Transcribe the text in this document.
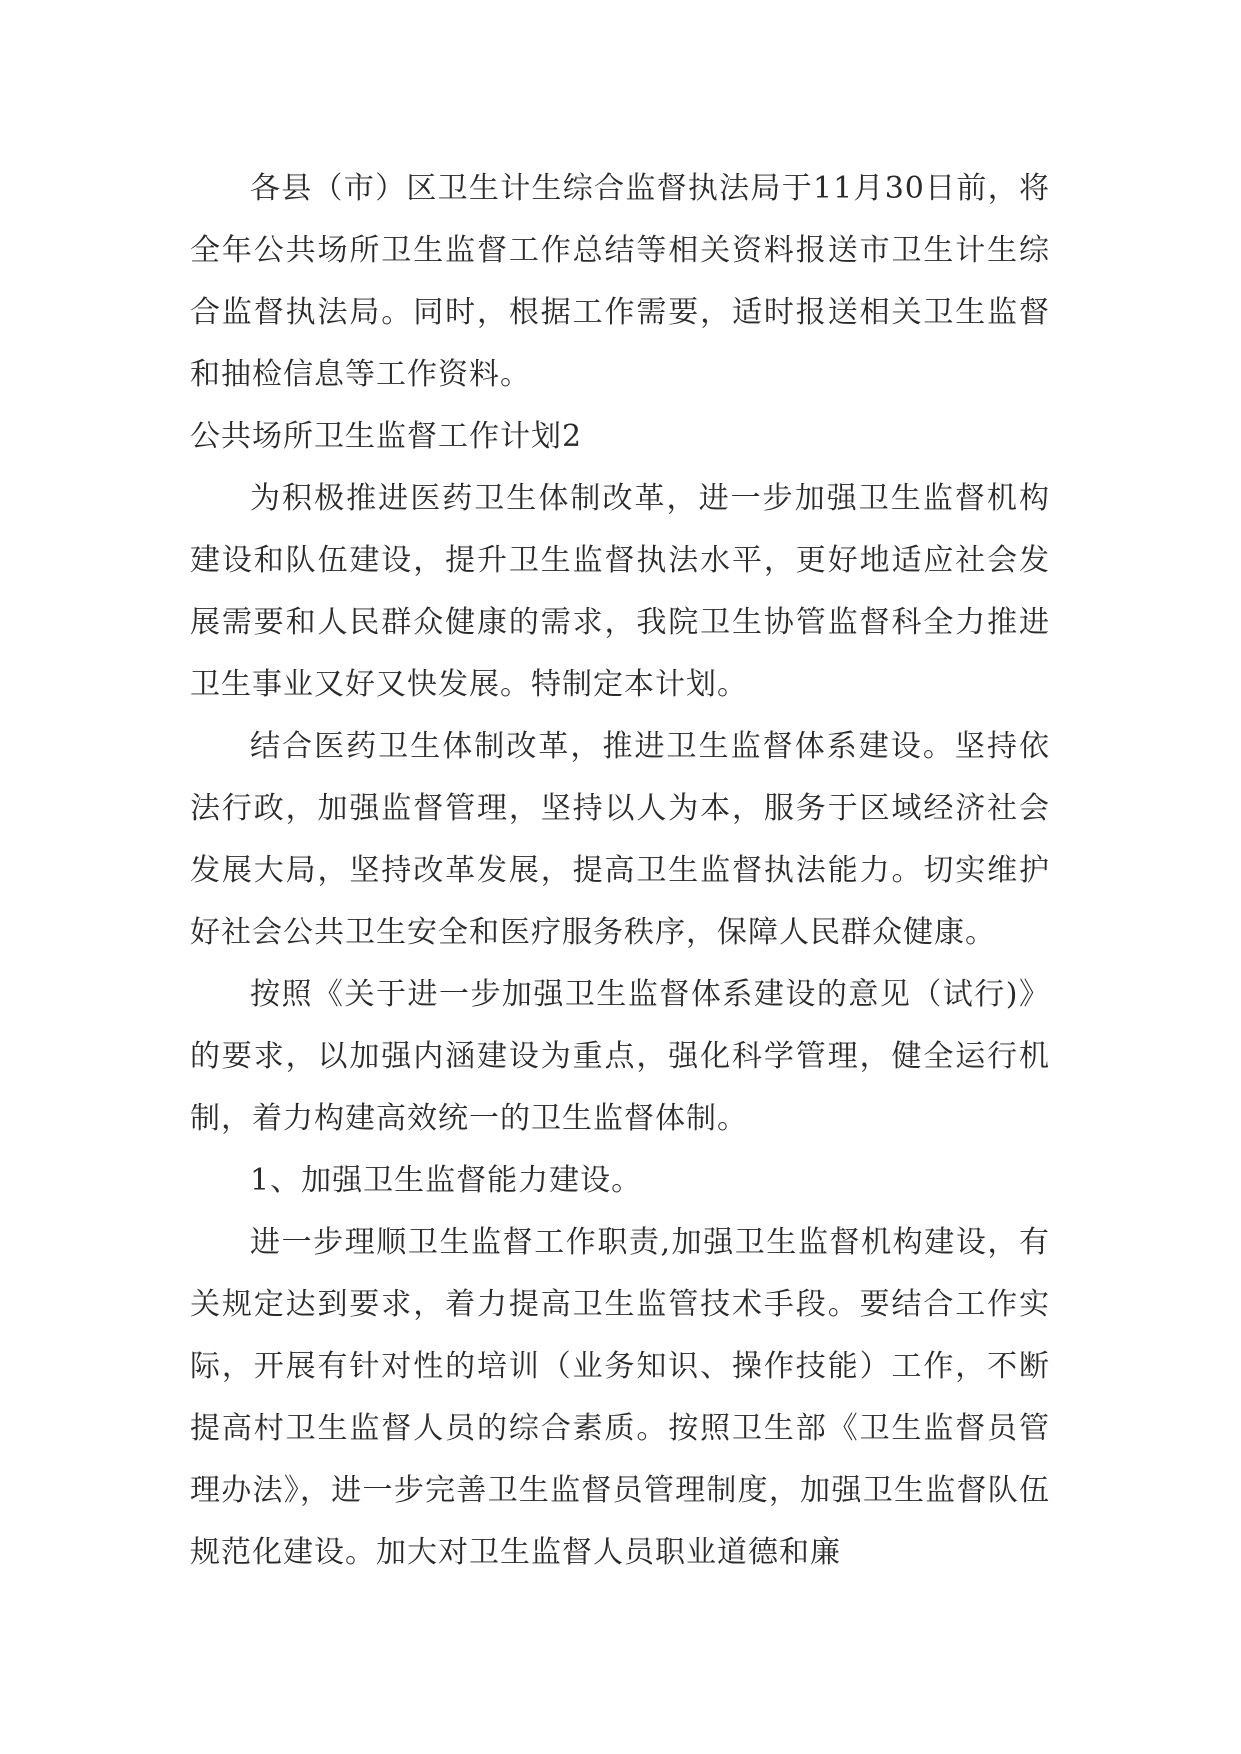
各县（市）区卫生计生综合监督执法局于11月30日前，将全年公共场所卫生监督工作总结等相关资料报送市卫生计生综合监督执法局。同时，根据工作需要，适时报送相关卫生监督和抽检信息等工作资料。

公共场所卫生监督工作计划2

为积极推进医药卫生体制改革，进一步加强卫生监督机构建设和队伍建设，提升卫生监督执法水平，更好地适应社会发展需要和人民群众健康的需求，我院卫生协管监督科全力推进卫生事业又好又快发展。特制定本计划。

结合医药卫生体制改革，推进卫生监督体系建设。坚持依法行政，加强监督管理，坚持以人为本，服务于区域经济社会发展大局，坚持改革发展，提高卫生监督执法能力。切实维护好社会公共卫生安全和医疗服务秩序，保障人民群众健康。

按照《关于进一步加强卫生监督体系建设的意见（试行)》的要求，以加强内涵建设为重点，强化科学管理，健全运行机制，着力构建高效统一的卫生监督体制。

1、加强卫生监督能力建设。

进一步理顺卫生监督工作职责,加强卫生监督机构建设，有关规定达到要求，着力提高卫生监管技术手段。要结合工作实际，开展有针对性的培训（业务知识、操作技能）工作，不断提高村卫生监督人员的综合素质。按照卫生部《卫生监督员管理办法》，进一步完善卫生监督员管理制度，加强卫生监督队伍规范化建设。加大对卫生监督人员职业道德和廉
